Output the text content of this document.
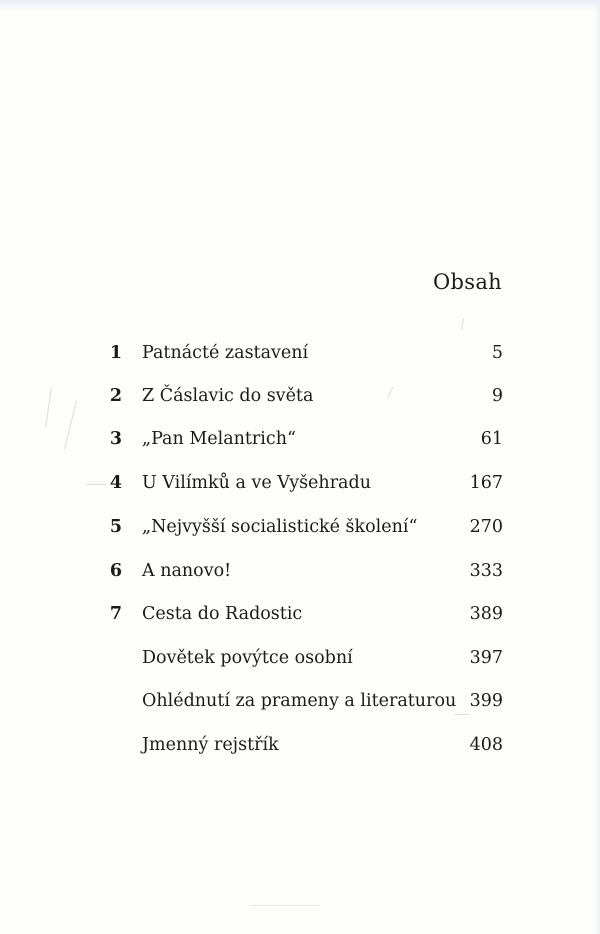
Obsah
1	Patnácté zastavení	5
2	Z Čáslavic do světa	9
3	„Pan Melantrich“	61
4	U Vilímků a ve Vyšehradu	167
5	„Nejvyšší socialistické školení“	270
6	A nanovo!	333
7	Cesta do Radostic	389
Dovětek povýtce osobní	397
Ohlédnutí za prameny a literaturou 399
Jmenný rejstřík	408
